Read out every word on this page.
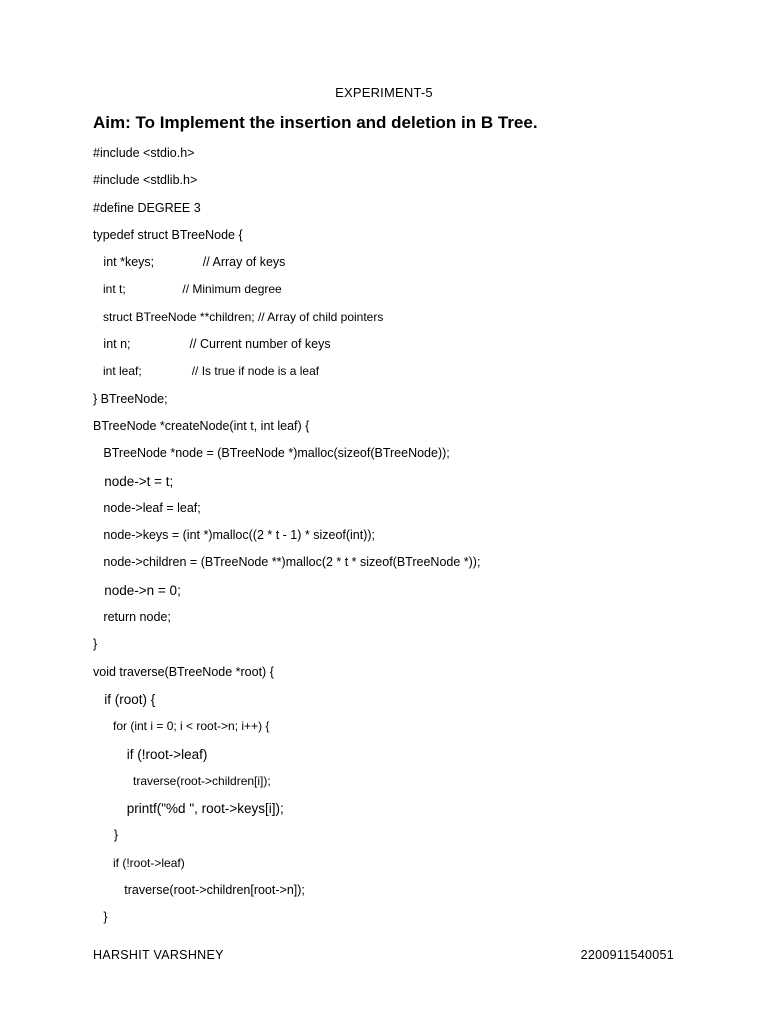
EXPERIMENT-5
Aim: To Implement the insertion and deletion in B Tree.
#include <stdio.h>
#include <stdlib.h>
#define DEGREE 3
typedef struct BTreeNode {
int *keys;              // Array of keys
int t;                 // Minimum degree
struct BTreeNode **children; // Array of child pointers
int n;                 // Current number of keys
int leaf;               // Is true if node is a leaf
} BTreeNode;
BTreeNode *createNode(int t, int leaf) {
BTreeNode *node = (BTreeNode *)malloc(sizeof(BTreeNode));
node->t = t;
node->leaf = leaf;
node->keys = (int *)malloc((2 * t - 1) * sizeof(int));
node->children = (BTreeNode **)malloc(2 * t * sizeof(BTreeNode *));
node->n = 0;
return node;
}
void traverse(BTreeNode *root) {
if (root) {
for (int i = 0; i < root->n; i++) {
if (!root->leaf)
traverse(root->children[i]);
printf("%d ", root->keys[i]);
}
if (!root->leaf)
traverse(root->children[root->n]);
}
HARSHIT VARSHNEY	2200911540051
